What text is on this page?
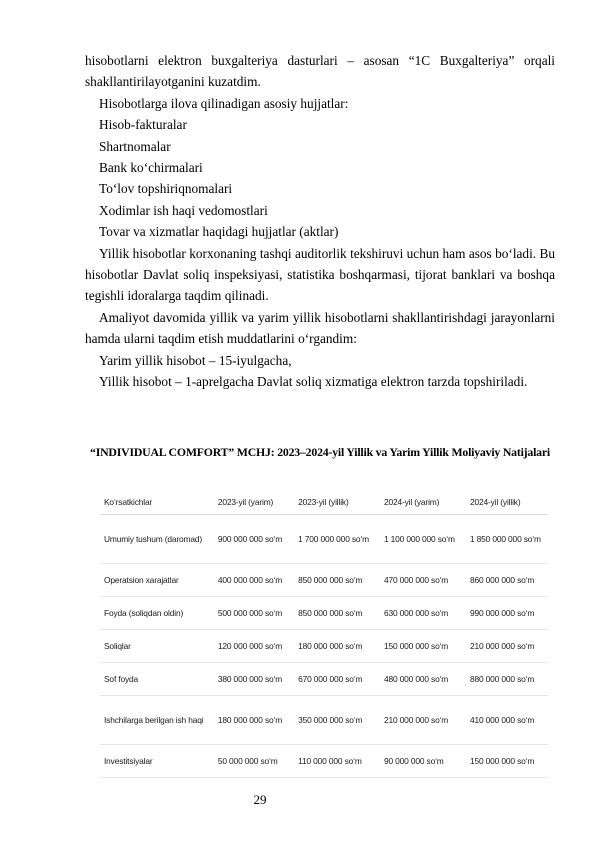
hisobotlarni elektron buxgalteriya dasturlari – asosan “1C Buxgalteriya” orqali shakllantirilayotganini kuzatdim.

Hisobotlarga ilova qilinadigan asosiy hujjatlar:

Hisob-fakturalar

Shartnomalar

Bank ko‘chirmalari

To‘lov topshiriqnomalari

Xodimlar ish haqi vedomostlari

Tovar va xizmatlar haqidagi hujjatlar (aktlar)

Yillik hisobotlar korxonaning tashqi auditorlik tekshiruvi uchun ham asos bo‘ladi. Bu hisobotlar Davlat soliq inspeksiyasi, statistika boshqarmasi, tijorat banklari va boshqa tegishli idoralarga taqdim qilinadi.

Amaliyot davomida yillik va yarim yillik hisobotlarni shakllantirishdagi jarayonlarni hamda ularni taqdim etish muddatlarini o‘rgandim:

Yarim yillik hisobot – 15-iyulgacha,

Yillik hisobot – 1-aprelgacha Davlat soliq xizmatiga elektron tarzda topshiriladi.

“INDIVIDUAL COMFORT” MCHJ: 2023–2024-yil Yillik va Yarim Yillik Moliyaviy Natijalari
Ko‘rsatkichlar	2023-yil (yarim)	2023-yil (yillik)	2024-yil (yarim)	2024-yil (yillik)
Umumiy tushum (daromad)	900 000 000 so‘m	1 700 000 000 so‘m	1 100 000 000 so‘m	1 850 000 000 so‘m
Operatsion xarajatlar	400 000 000 so‘m	850 000 000 so‘m	470 000 000 so‘m	860 000 000 so‘m
Foyda (soliqdan oldin)	500 000 000 so‘m	850 000 000 so‘m	630 000 000 so‘m	990 000 000 so‘m
Soliqlar	120 000 000 so‘m	180 000 000 so‘m	150 000 000 so‘m	210 000 000 so‘m
Sof foyda	380 000 000 so‘m	670 000 000 so‘m	480 000 000 so‘m	880 000 000 so‘m
Ishchilarga berilgan ish haqi	180 000 000 so‘m	350 000 000 so‘m	210 000 000 so‘m	410 000 000 so‘m
Investitsiyalar	50 000 000 so‘m	110 000 000 so‘m	90 000 000 so‘m	150 000 000 so‘m
29
